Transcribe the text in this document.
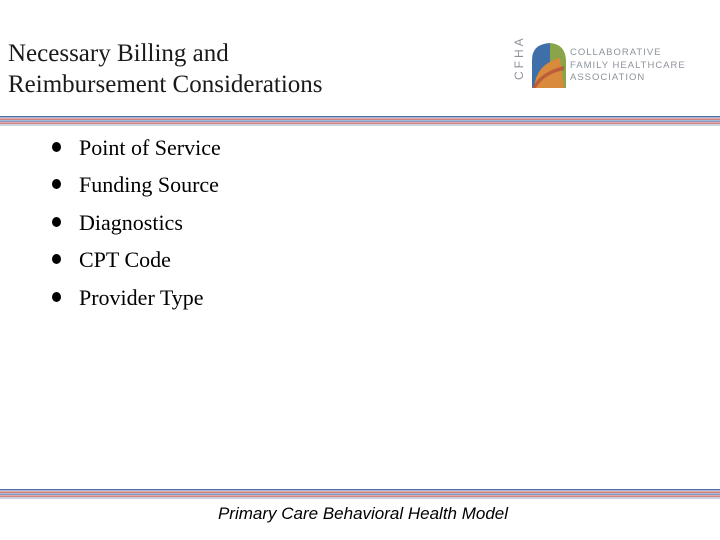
Necessary Billing and
Reimbursement Considerations
CFHA	COLLABORATIVE
FAMILY HEALTHCARE
ASSOCIATION
Point of Service
Funding Source
Diagnostics
CPT Code
Provider Type
Primary Care Behavioral Health Model
